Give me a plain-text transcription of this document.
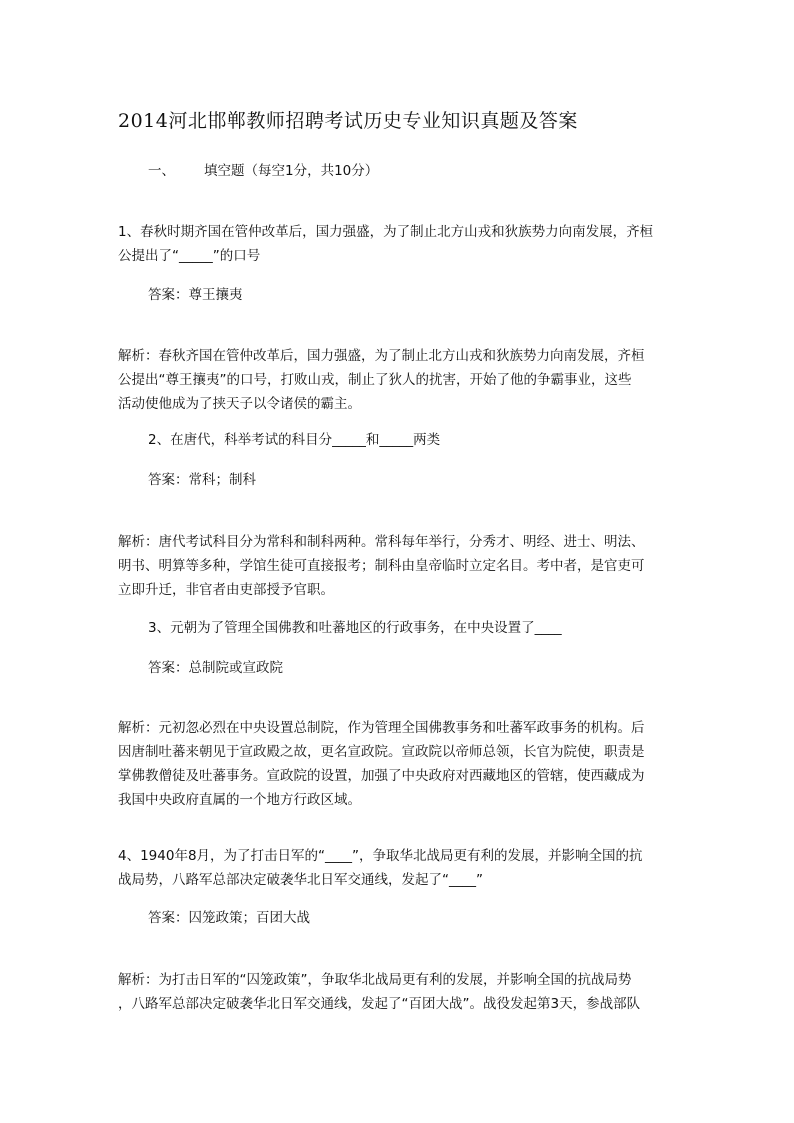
2014河北邯郸教师招聘考试历史专业知识真题及答案
一、 填空题（每空1分，共10分）
1、春秋时期齐国在管仲改革后，国力强盛，为了制止北方山戎和狄族势力向南发展，齐桓
公提出了“_____”的口号
答案：尊王攘夷
解析：春秋齐国在管仲改革后，国力强盛，为了制止北方山戎和狄族势力向南发展，齐桓
公提出“尊王攘夷”的口号，打败山戎，制止了狄人的扰害，开始了他的争霸事业，这些
活动使他成为了挟天子以令诸侯的霸主。
2、在唐代，科举考试的科目分_____和_____两类
答案：常科；制科
解析：唐代考试科目分为常科和制科两种。常科每年举行，分秀才、明经、进士、明法、
明书、明算等多种，学馆生徒可直接报考；制科由皇帝临时立定名目。考中者，是官吏可
立即升迁，非官者由吏部授予官职。
3、元朝为了管理全国佛教和吐蕃地区的行政事务，在中央设置了____
答案：总制院或宣政院
解析：元初忽必烈在中央设置总制院，作为管理全国佛教事务和吐蕃军政事务的机构。后
因唐制吐蕃来朝见于宣政殿之故，更名宣政院。宣政院以帝师总领，长官为院使，职责是
掌佛教僧徒及吐蕃事务。宣政院的设置，加强了中央政府对西藏地区的管辖，使西藏成为
我国中央政府直属的一个地方行政区域。
4、1940年8月，为了打击日军的“____”，争取华北战局更有利的发展，并影响全国的抗
战局势，八路军总部决定破袭华北日军交通线，发起了“____”
答案：囚笼政策；百团大战
解析：为打击日军的“囚笼政策”，争取华北战局更有利的发展，并影响全国的抗战局势
，八路军总部决定破袭华北日军交通线，发起了“百团大战”。战役发起第3天，参战部队
